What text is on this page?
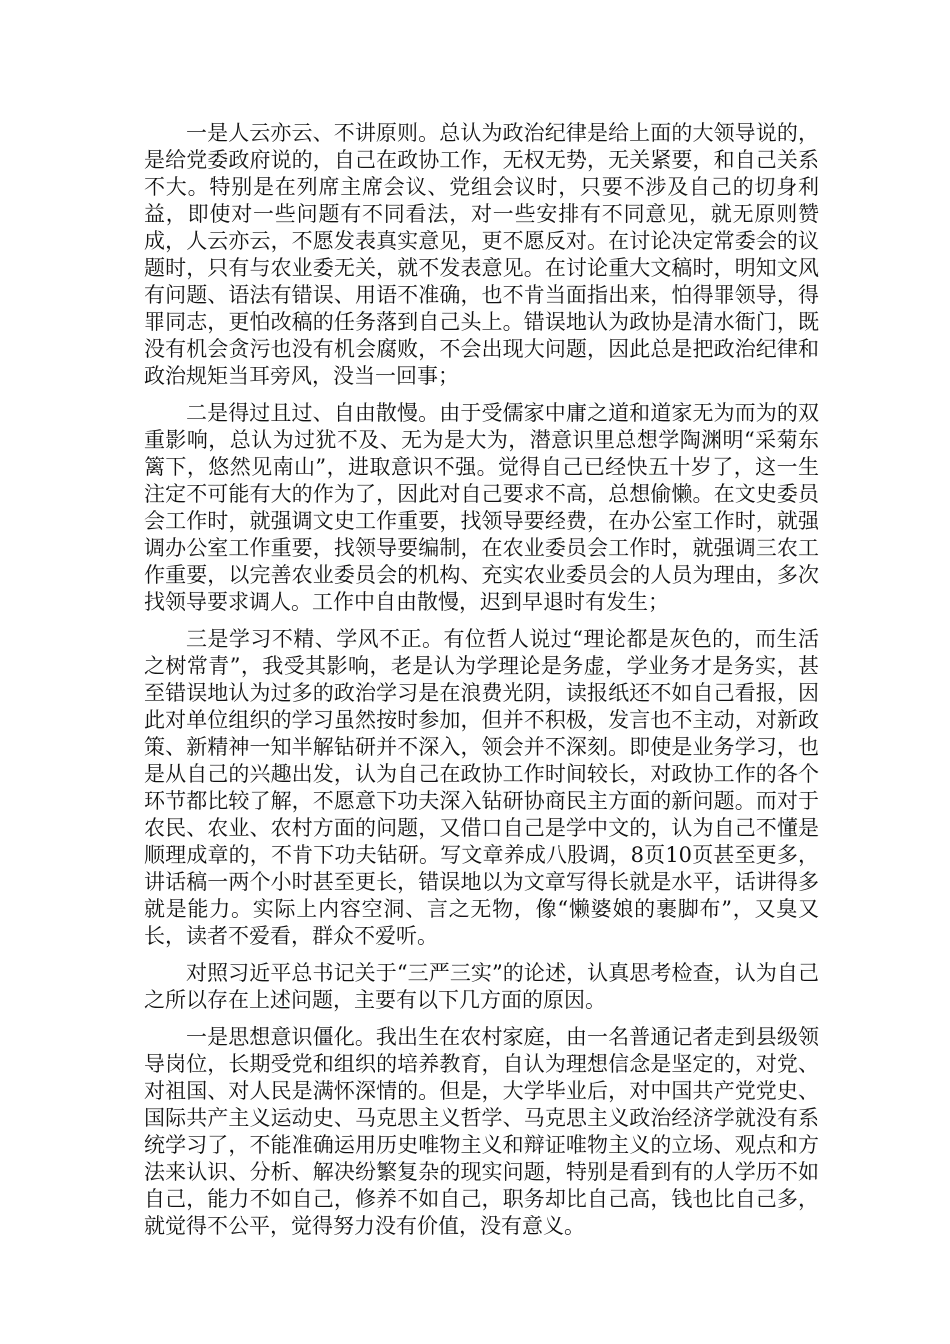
一是人云亦云、不讲原则。总认为政治纪律是给上面的大领导说的，是给党委政府说的，自己在政协工作，无权无势，无关紧要，和自己关系不大。特别是在列席主席会议、党组会议时，只要不涉及自己的切身利益，即使对一些问题有不同看法，对一些安排有不同意见，就无原则赞成，人云亦云，不愿发表真实意见，更不愿反对。在讨论决定常委会的议题时，只有与农业委无关，就不发表意见。在讨论重大文稿时，明知文风有问题、语法有错误、用语不准确，也不肯当面指出来，怕得罪领导，得罪同志，更怕改稿的任务落到自己头上。错误地认为政协是清水衙门，既没有机会贪污也没有机会腐败，不会出现大问题，因此总是把政治纪律和政治规矩当耳旁风，没当一回事；

二是得过且过、自由散慢。由于受儒家中庸之道和道家无为而为的双重影响，总认为过犹不及、无为是大为，潜意识里总想学陶渊明“采菊东篱下，悠然见南山”，进取意识不强。觉得自己已经快五十岁了，这一生注定不可能有大的作为了，因此对自己要求不高，总想偷懒。在文史委员会工作时，就强调文史工作重要，找领导要经费，在办公室工作时，就强调办公室工作重要，找领导要编制，在农业委员会工作时，就强调三农工作重要，以完善农业委员会的机构、充实农业委员会的人员为理由，多次找领导要求调人。工作中自由散慢，迟到早退时有发生；

三是学习不精、学风不正。有位哲人说过“理论都是灰色的，而生活之树常青”，我受其影响，老是认为学理论是务虚，学业务才是务实，甚至错误地认为过多的政治学习是在浪费光阴，读报纸还不如自己看报，因此对单位组织的学习虽然按时参加，但并不积极，发言也不主动，对新政策、新精神一知半解钻研并不深入，领会并不深刻。即使是业务学习，也是从自己的兴趣出发，认为自己在政协工作时间较长，对政协工作的各个环节都比较了解，不愿意下功夫深入钻研协商民主方面的新问题。而对于农民、农业、农村方面的问题，又借口自己是学中文的，认为自己不懂是顺理成章的，不肯下功夫钻研。写文章养成八股调，8页10页甚至更多，讲话稿一两个小时甚至更长，错误地以为文章写得长就是水平，话讲得多就是能力。实际上内容空洞、言之无物，像“懒婆娘的裹脚布”，又臭又长，读者不爱看，群众不爱听。

对照习近平总书记关于“三严三实”的论述，认真思考检查，认为自己之所以存在上述问题，主要有以下几方面的原因。

一是思想意识僵化。我出生在农村家庭，由一名普通记者走到县级领导岗位，长期受党和组织的培养教育，自认为理想信念是坚定的，对党、对祖国、对人民是满怀深情的。但是，大学毕业后，对中国共产党党史、国际共产主义运动史、马克思主义哲学、马克思主义政治经济学就没有系统学习了，不能准确运用历史唯物主义和辩证唯物主义的立场、观点和方法来认识、分析、解决纷繁复杂的现实问题，特别是看到有的人学历不如自己，能力不如自己，修养不如自己，职务却比自己高，钱也比自己多，就觉得不公平，觉得努力没有价值，没有意义。
